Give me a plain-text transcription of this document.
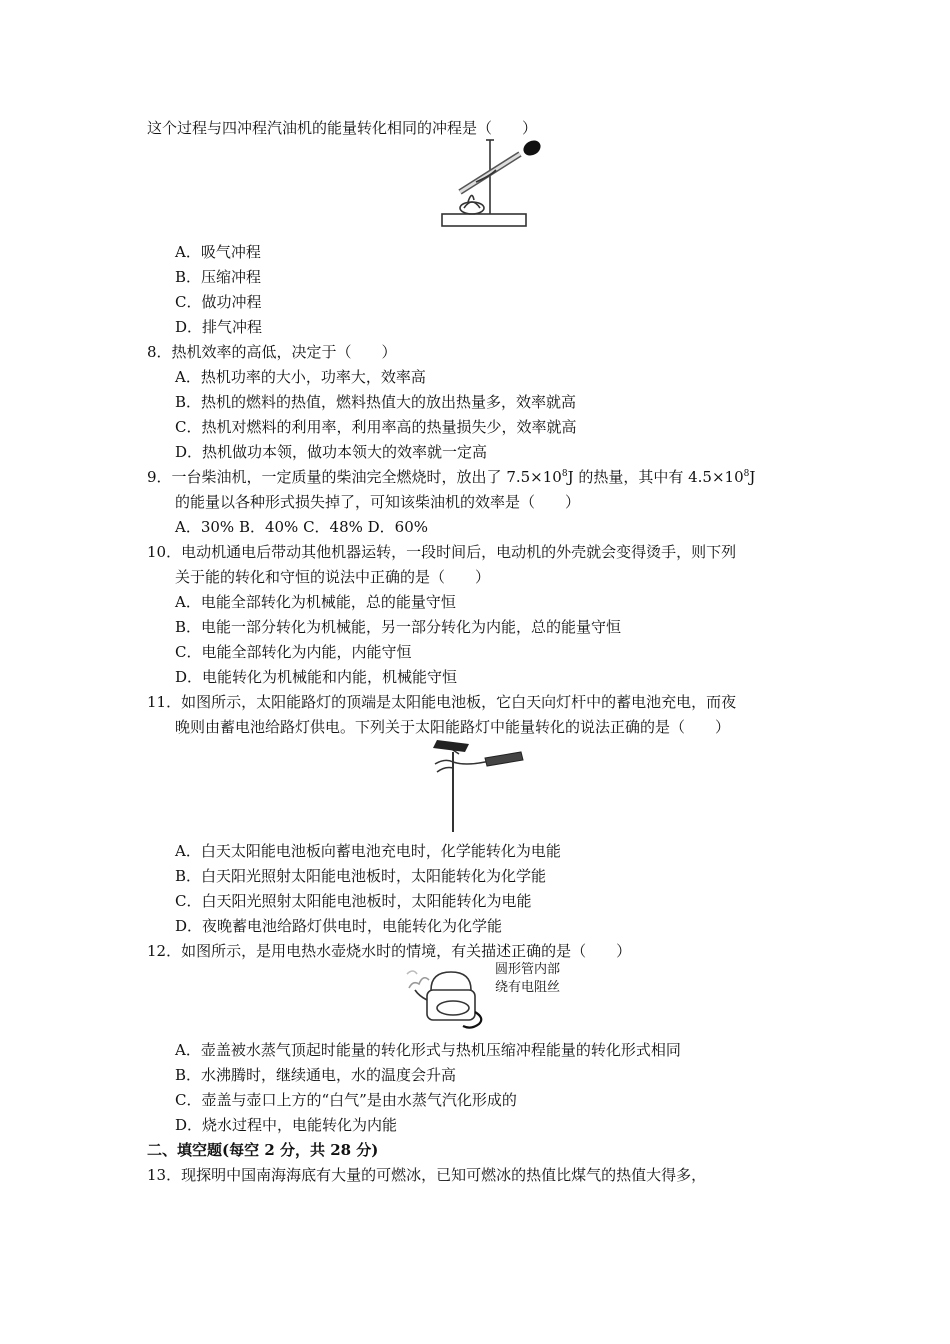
这个过程与四冲程汽油机的能量转化相同的冲程是（　　）
A．吸气冲程
B．压缩冲程
C．做功冲程
D．排气冲程
8．热机效率的高低，决定于（　　）
A．热机功率的大小，功率大，效率高
B．热机的燃料的热值，燃料热值大的放出热量多，效率就高
C．热机对燃料的利用率，利用率高的热量损失少，效率就高
D．热机做功本领，做功本领大的效率就一定高
9．一台柴油机，一定质量的柴油完全燃烧时，放出了 $7.5\times 10^8J$ 的热量，其中有 $4.5\times 10^8J$
的能量以各种形式损失掉了，可知该柴油机的效率是（　　）
A．30% B．40% C．48% D．60%
10．电动机通电后带动其他机器运转，一段时间后，电动机的外壳就会变得烫手，则下列
关于能的转化和守恒的说法中正确的是（　　）
A．电能全部转化为机械能，总的能量守恒
B．电能一部分转化为机械能，另一部分转化为内能，总的能量守恒
C．电能全部转化为内能，内能守恒
D．电能转化为机械能和内能，机械能守恒
11．如图所示，太阳能路灯的顶端是太阳能电池板，它白天向灯杆中的蓄电池充电，而夜
晚则由蓄电池给路灯供电。下列关于太阳能路灯中能量转化的说法正确的是（　　）
A．白天太阳能电池板向蓄电池充电时，化学能转化为电能
B．白天阳光照射太阳能电池板时，太阳能转化为化学能
C．白天阳光照射太阳能电池板时，太阳能转化为电能
D．夜晚蓄电池给路灯供电时，电能转化为化学能
12．如图所示，是用电热水壶烧水时的情境，有关描述正确的是（　　）
圆形管内部
绕有电阻丝
A．壶盖被水蒸气顶起时能量的转化形式与热机压缩冲程能量的转化形式相同
B．水沸腾时，继续通电，水的温度会升高
C．壶盖与壶口上方的“白气”是由水蒸气汽化形成的
D．烧水过程中，电能转化为内能
二、填空题(每空 2 分，共 28 分)
13．现探明中国南海海底有大量的可燃冰，已知可燃冰的热值比煤气的热值大得多，
